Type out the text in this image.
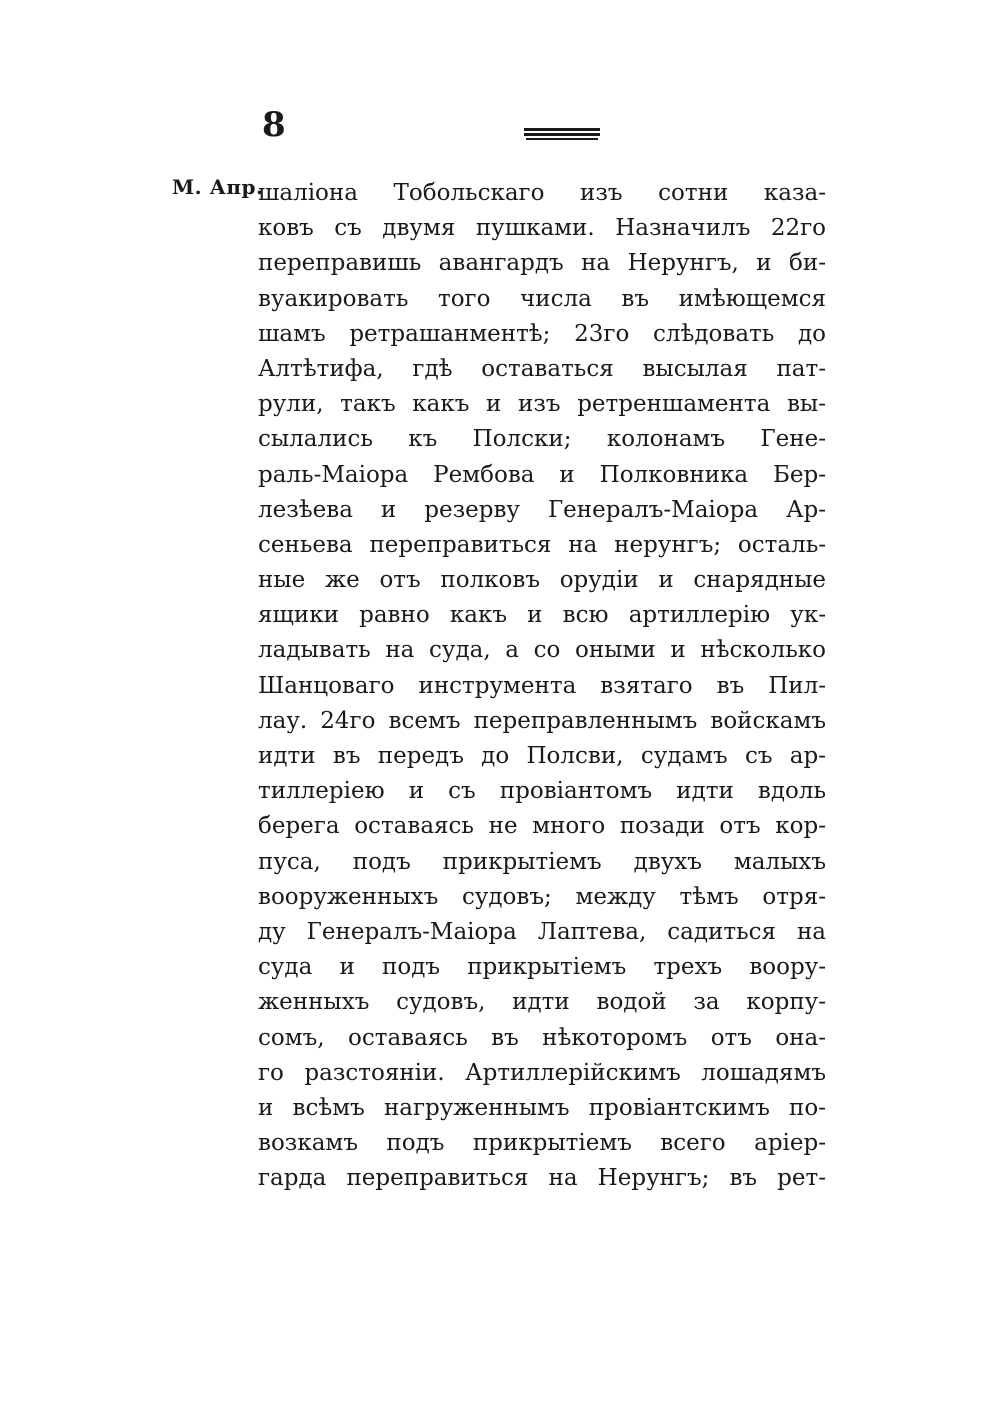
8
М. Апр.
шаліона Тобольскаго изъ сотни каза-
ковъ съ двумя пушками. Назначилъ 22го
переправишь авангардъ на Нерунгъ, и би-
вуакировать того числа въ имѣющемся
шамъ ретрашанментѣ; 23го слѣдовать до
Алтѣтифа, гдѣ оставаться высылая пат-
рули, такъ какъ и изъ ретреншамента вы-
сылались къ Полски; колонамъ Гене-
раль-Маіора Рембова и Полковника Бер-
лезѣева и резерву Генералъ-Маіора Ар-
сеньева переправиться на нерунгъ; осталь-
ные же отъ полковъ орудіи и снарядные
ящики равно какъ и всю артиллерію ук-
ладывать на суда, а со оными и нѣсколько
Шанцоваго инструмента взятаго въ Пил-
лау. 24го всемъ переправленнымъ войскамъ
идти въ передъ до Полсви, судамъ съ ар-
тиллеріею и съ провіантомъ идти вдоль
берега оставаясь не много позади отъ кор-
пуса, подъ прикрытіемъ двухъ малыхъ
вооруженныхъ судовъ; между тѣмъ отря-
ду Генералъ-Маіора Лаптева, садиться на
суда и подъ прикрытіемъ трехъ воору-
женныхъ судовъ, идти водой за корпу-
сомъ, оставаясь въ нѣкоторомъ отъ она-
го разстояніи. Артиллерійскимъ лошадямъ
и всѣмъ нагруженнымъ провіантскимъ по-
возкамъ подъ прикрытіемъ всего аріер-
гарда переправиться на Нерунгъ; въ рет-
